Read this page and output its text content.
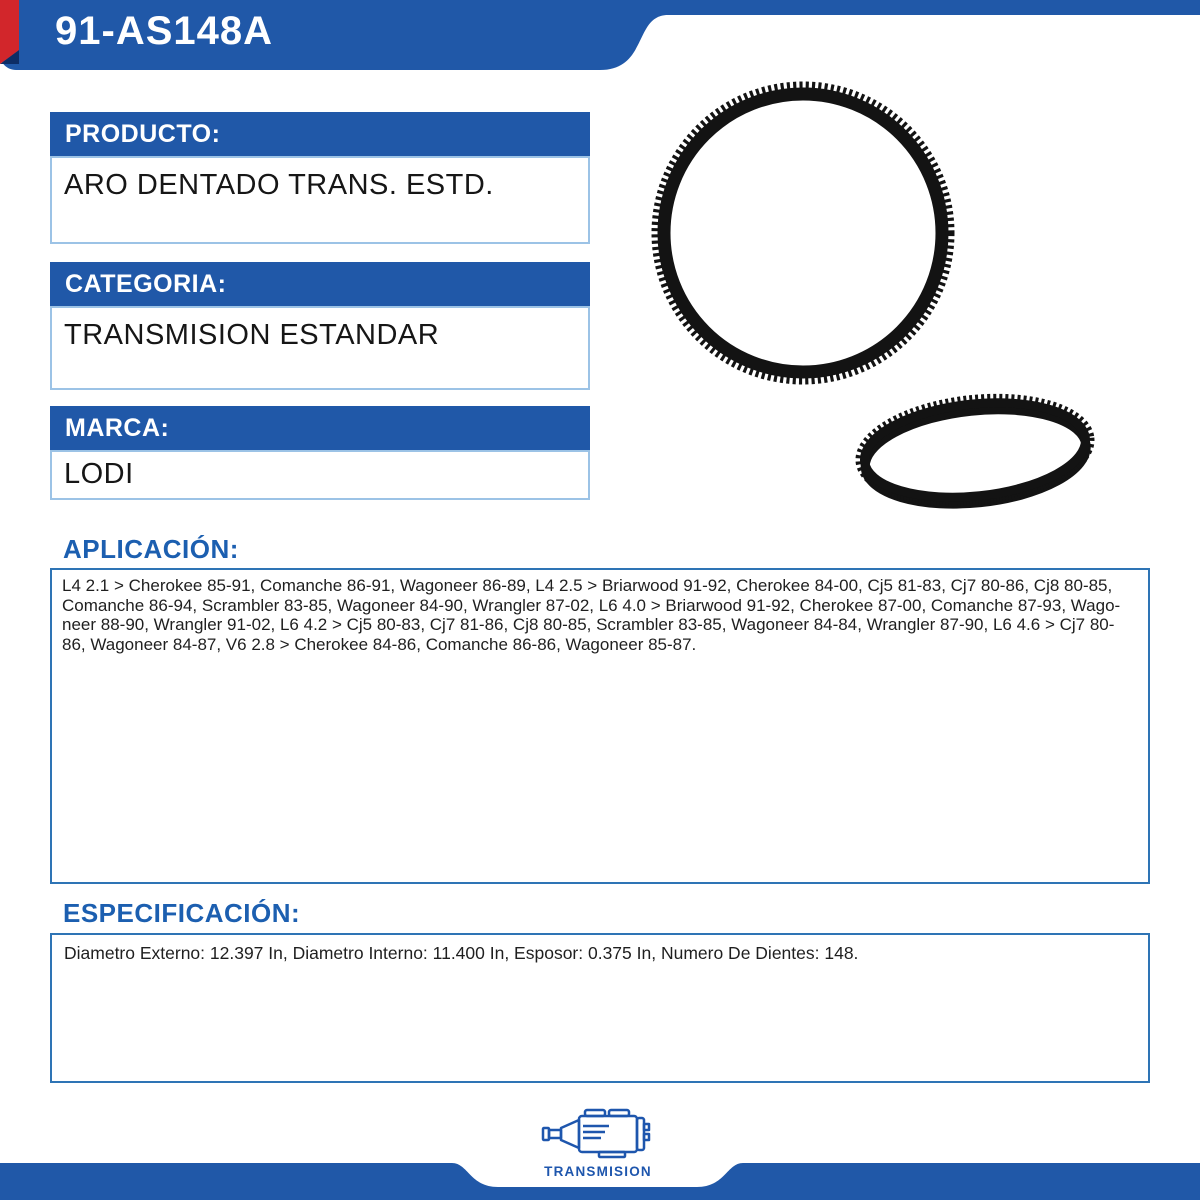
91-AS148A
PRODUCTO:
ARO DENTADO TRANS. ESTD.
CATEGORIA:
TRANSMISION ESTANDAR
MARCA:
LODI
APLICACIÓN:
L4 2.1 > Cherokee 85-91, Comanche 86-91, Wagoneer 86-89, L4 2.5 > Briarwood 91-92, Cherokee 84-00, Cj5 81-83, Cj7 80-86, Cj8 80-85,
Comanche 86-94, Scrambler 83-85, Wagoneer 84-90, Wrangler 87-02, L6 4.0 > Briarwood 91-92, Cherokee 87-00, Comanche 87-93, Wago-
neer 88-90, Wrangler 91-02, L6 4.2 > Cj5 80-83, Cj7 81-86, Cj8 80-85, Scrambler 83-85, Wagoneer 84-84, Wrangler 87-90, L6 4.6 > Cj7 80-
86, Wagoneer 84-87, V6 2.8 > Cherokee 84-86, Comanche 86-86, Wagoneer 85-87.
ESPECIFICACIÓN:
Diametro Externo: 12.397 In, Diametro Interno: 11.400 In, Esposor: 0.375 In, Numero De Dientes: 148.
TRANSMISION
